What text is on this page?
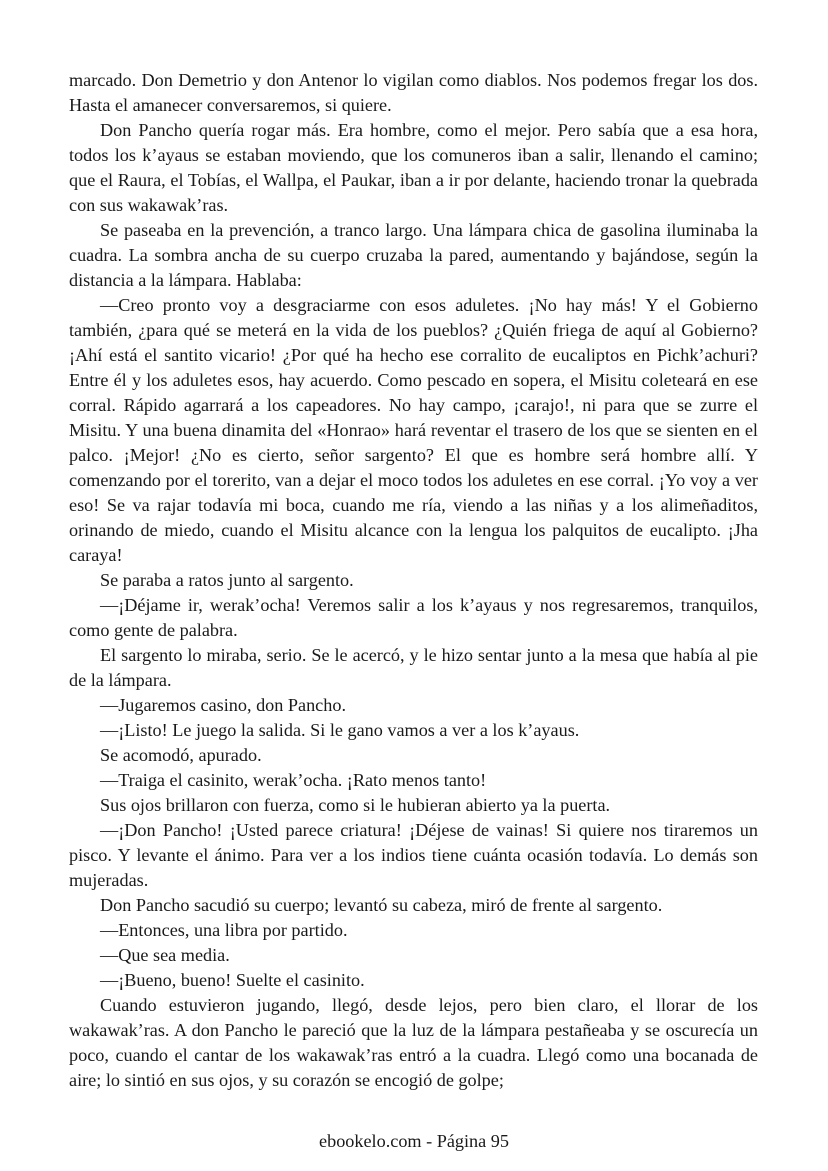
marcado. Don Demetrio y don Antenor lo vigilan como diablos. Nos podemos fregar los dos. Hasta el amanecer conversaremos, si quiere.

Don Pancho quería rogar más. Era hombre, como el mejor. Pero sabía que a esa hora, todos los k’ayaus se estaban moviendo, que los comuneros iban a salir, llenando el camino; que el Raura, el Tobías, el Wallpa, el Paukar, iban a ir por delante, haciendo tronar la quebrada con sus wakawak’ras.

Se paseaba en la prevención, a tranco largo. Una lámpara chica de gasolina iluminaba la cuadra. La sombra ancha de su cuerpo cruzaba la pared, aumentando y bajándose, según la distancia a la lámpara. Hablaba:

—Creo pronto voy a desgraciarme con esos aduletes. ¡No hay más! Y el Gobierno también, ¿para qué se meterá en la vida de los pueblos? ¿Quién friega de aquí al Gobierno? ¡Ahí está el santito vicario! ¿Por qué ha hecho ese corralito de eucaliptos en Pichk’achuri? Entre él y los aduletes esos, hay acuerdo. Como pescado en sopera, el Misitu coleteará en ese corral. Rápido agarrará a los capeadores. No hay campo, ¡carajo!, ni para que se zurre el Misitu. Y una buena dinamita del «Honrao» hará reventar el trasero de los que se sienten en el palco. ¡Mejor! ¿No es cierto, señor sargento? El que es hombre será hombre allí. Y comenzando por el torerito, van a dejar el moco todos los aduletes en ese corral. ¡Yo voy a ver eso! Se va rajar todavía mi boca, cuando me ría, viendo a las niñas y a los alimeñaditos, orinando de miedo, cuando el Misitu alcance con la lengua los palquitos de eucalipto. ¡Jha caraya!

Se paraba a ratos junto al sargento.

—¡Déjame ir, werak’ocha! Veremos salir a los k’ayaus y nos regresaremos, tranquilos, como gente de palabra.

El sargento lo miraba, serio. Se le acercó, y le hizo sentar junto a la mesa que había al pie de la lámpara.

—Jugaremos casino, don Pancho.

—¡Listo! Le juego la salida. Si le gano vamos a ver a los k’ayaus.

Se acomodó, apurado.

—Traiga el casinito, werak’ocha. ¡Rato menos tanto!

Sus ojos brillaron con fuerza, como si le hubieran abierto ya la puerta.

—¡Don Pancho! ¡Usted parece criatura! ¡Déjese de vainas! Si quiere nos tiraremos un pisco. Y levante el ánimo. Para ver a los indios tiene cuánta ocasión todavía. Lo demás son mujeradas.

Don Pancho sacudió su cuerpo; levantó su cabeza, miró de frente al sargento.

—Entonces, una libra por partido.

—Que sea media.

—¡Bueno, bueno! Suelte el casinito.

Cuando estuvieron jugando, llegó, desde lejos, pero bien claro, el llorar de los wakawak’ras. A don Pancho le pareció que la luz de la lámpara pestañeaba y se oscurecía un poco, cuando el cantar de los wakawak’ras entró a la cuadra. Llegó como una bocanada de aire; lo sintió en sus ojos, y su corazón se encogió de golpe;

ebookelo.com - Página 95
